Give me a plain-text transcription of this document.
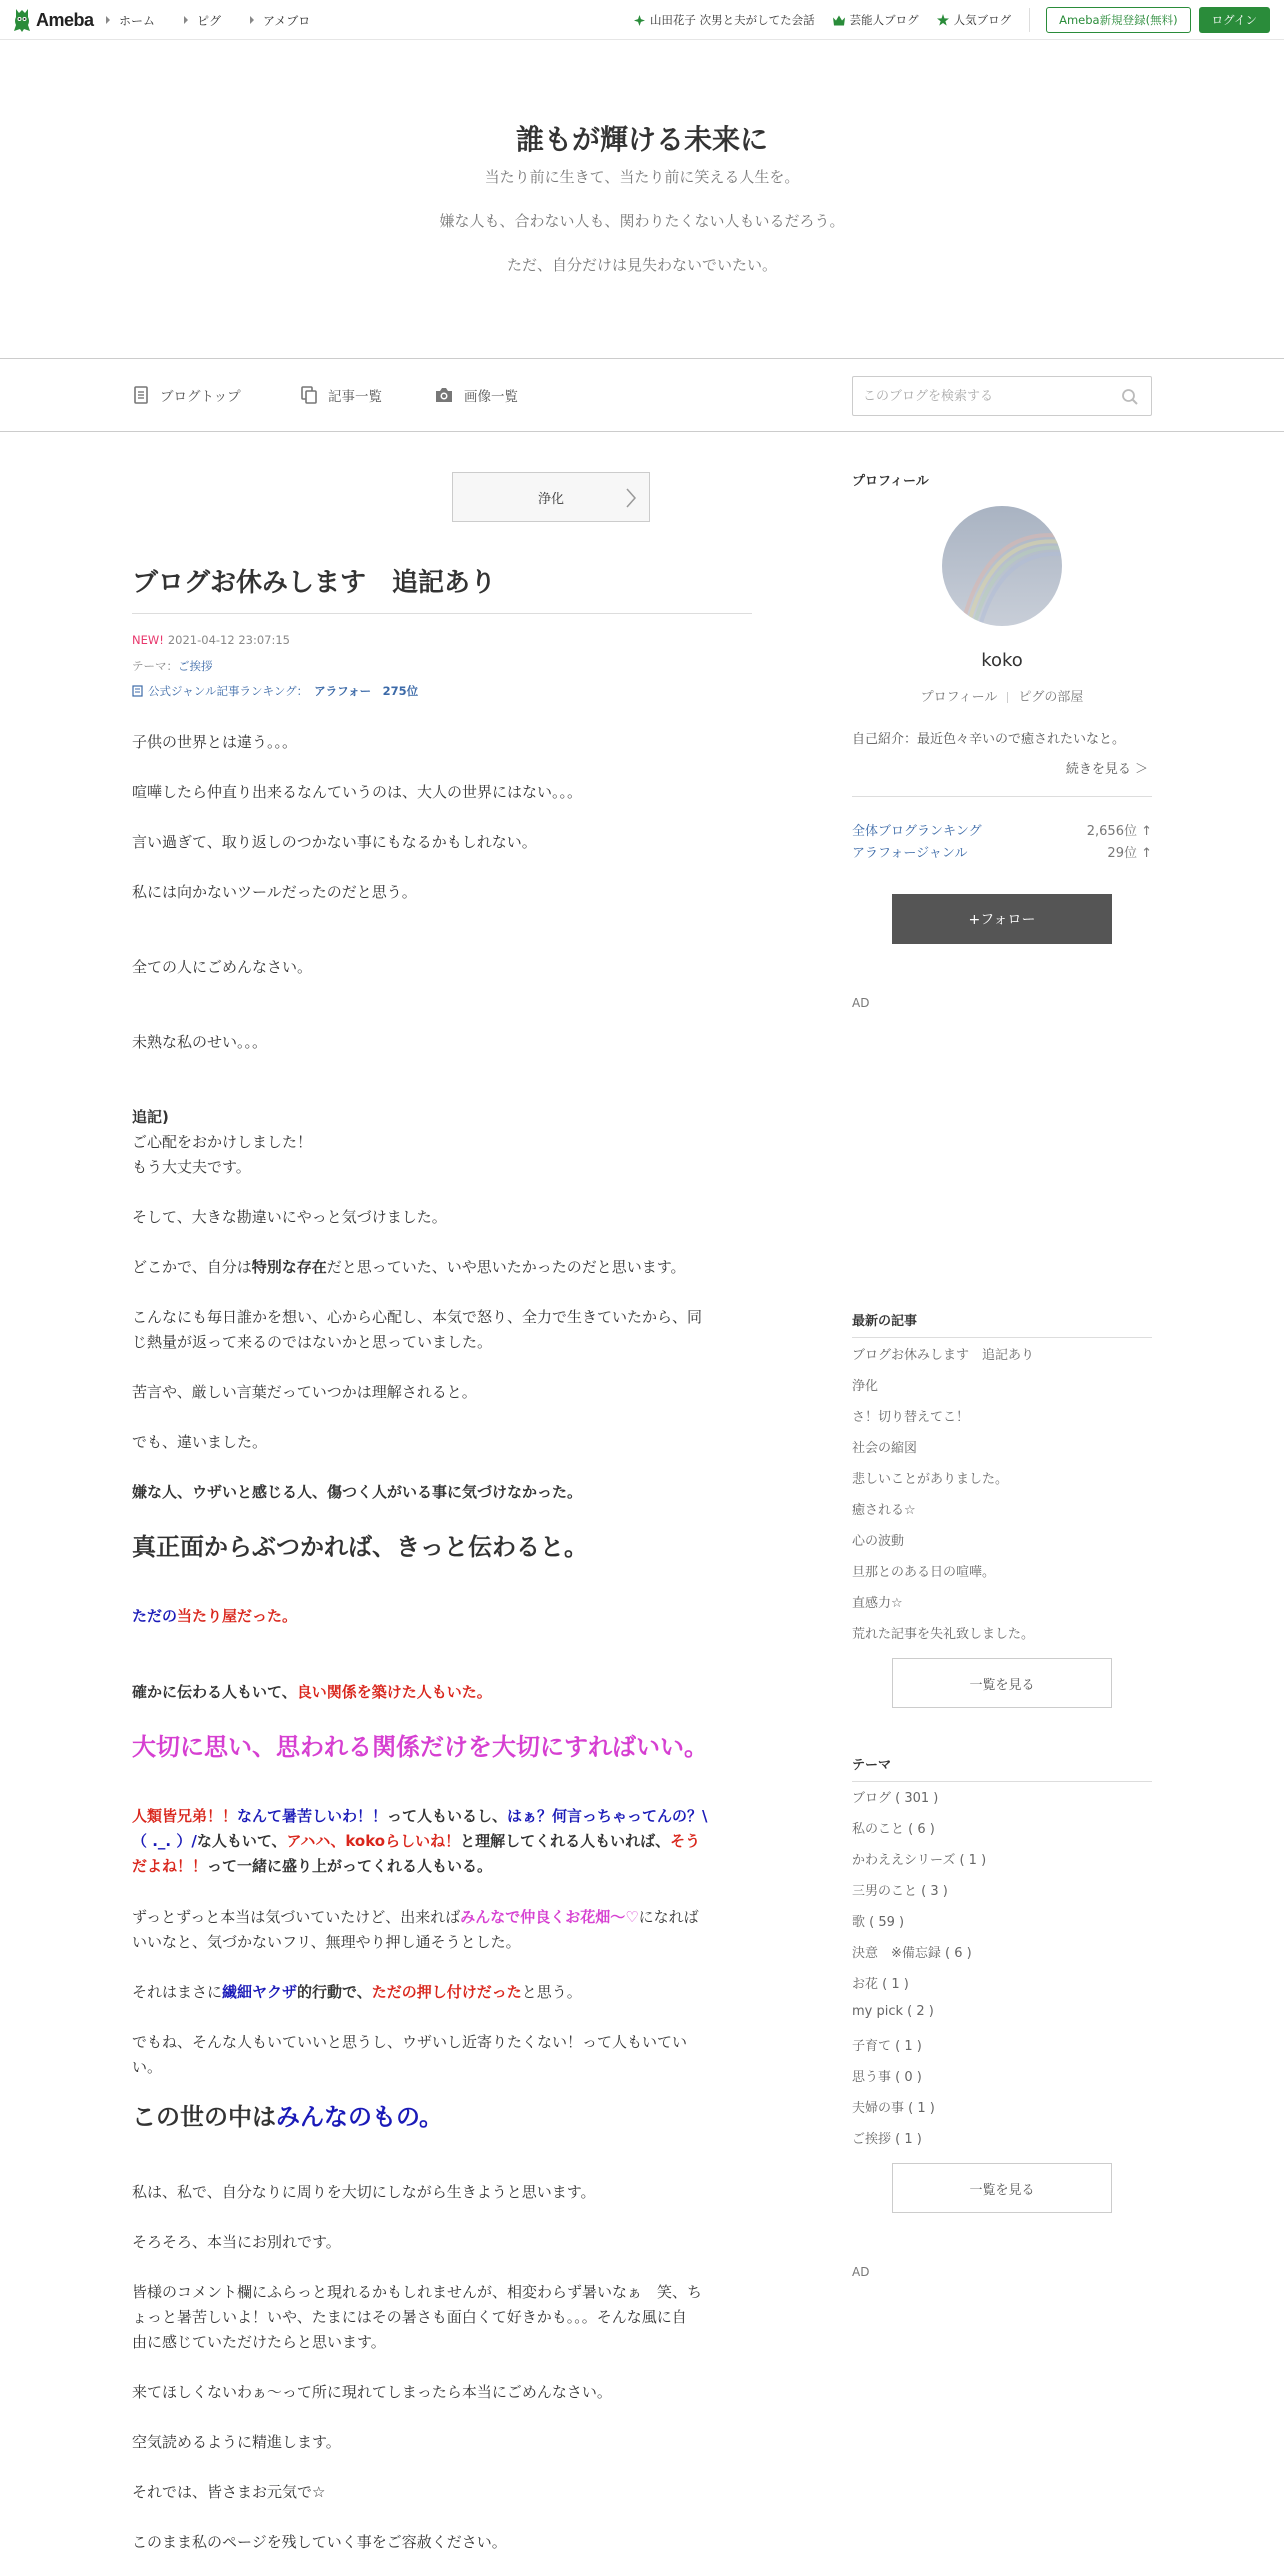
Ameba ホーム	ピグ	アメブロ	山田花子 次男と夫がしてた会話	芸能人ブログ	人気ブログ	Ameba新規登録(無料)	ログイン
誰もが輝ける未来に
当たり前に生きて、当たり前に笑える人生を。
嫌な人も、合わない人も、関わりたくない人もいるだろう。
ただ、自分だけは見失わないでいたい。
ブログトップ	記事一覧	画像一覧
このブログを検索する
浄化
ブログお休みします　追記あり
NEW! 2021-04-12 23:07:15
テーマ：ご挨拶
公式ジャンル記事ランキング： アラフォー　275位
子供の世界とは違う。。。
喧嘩したら仲直り出来るなんていうのは、大人の世界にはない。。。
言い過ぎて、取り返しのつかない事にもなるかもしれない。
私には向かないツールだったのだと思う。
全ての人にごめんなさい。
未熟な私のせい。。。
追記)
ご心配をおかけしました！
もう大丈夫です。
そして、大きな勘違いにやっと気づけました。
どこかで、自分は特別な存在だと思っていた、いや思いたかったのだと思います。
こんなにも毎日誰かを想い、心から心配し、本気で怒り、全力で生きていたから、同
じ熱量が返って来るのではないかと思っていました。
苦言や、厳しい言葉だっていつかは理解されると。
でも、違いました。
嫌な人、ウザいと感じる人、傷つく人がいる事に気づけなかった。
真正面からぶつかれば、きっと伝わると。
ただの当たり屋だった。
確かに伝わる人もいて、良い関係を築けた人もいた。
大切に思い、思われる関係だけを大切にすればいい。
人類皆兄弟！！なんて暑苦しいわ！！って人もいるし、はぁ？何言っちゃってんの？\
（ ._. ）/な人もいて、アハハ、kokoらしいね！と理解してくれる人もいれば、そう
だよね！！って一緒に盛り上がってくれる人もいる。
ずっとずっと本当は気づいていたけど、出来ればみんなで仲良くお花畑〜♡になれば
いいなと、気づかないフリ、無理やり押し通そうとした。
それはまさに繊細ヤクザ的行動で、ただの押し付けだったと思う。
でもね、そんな人もいていいと思うし、ウザいし近寄りたくない！って人もいてい
い。
この世の中はみんなのもの。
私は、私で、自分なりに周りを大切にしながら生きようと思います。
そろそろ、本当にお別れです。
皆様のコメント欄にふらっと現れるかもしれませんが、相変わらず暑いなぁ　笑、ち
ょっと暑苦しいよ！いや、たまにはその暑さも面白くて好きかも。。。そんな風に自
由に感じていただけたらと思います。
来てほしくないわぁ〜って所に現れてしまったら本当にごめんなさい。
空気読めるように精進します。
それでは、皆さまお元気で☆
このまま私のページを残していく事をご容赦ください。
プロフィール
koko
プロフィール ピグの部屋
自己紹介：最近色々辛いので癒されたいなと。
続きを見る ＞
全体ブログランキング	2,656位 ↑
アラフォージャンル	29位 ↑
+フォロー
AD
最新の記事
ブログお休みします　追記あり
浄化
さ！切り替えてこ！
社会の縮図
悲しいことがありました。
癒される☆
心の波動
旦那とのある日の喧嘩。
直感力☆
荒れた記事を失礼致しました。
一覧を見る
テーマ
ブログ ( 301 )
私のこと ( 6 )
かわええシリーズ ( 1 )
三男のこと ( 3 )
歌 ( 59 )
決意　※備忘録 ( 6 )
お花 ( 1 )
my pick ( 2 )
子育て ( 1 )
思う事 ( 0 )
夫婦の事 ( 1 )
ご挨拶 ( 1 )
一覧を見る
AD
